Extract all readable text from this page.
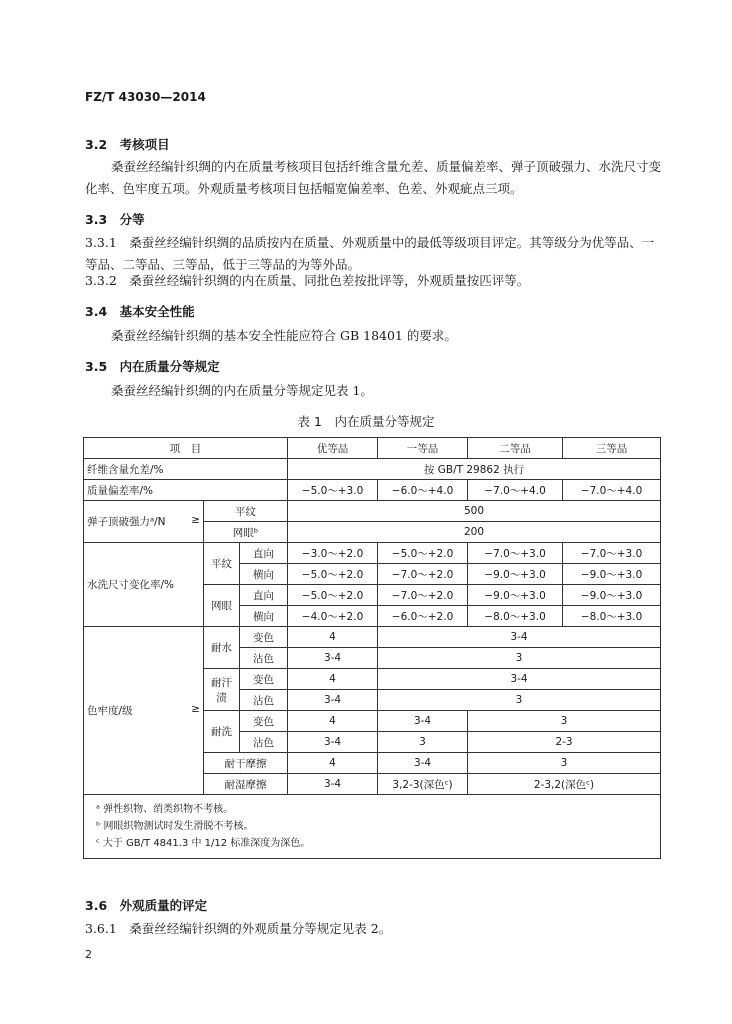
FZ/T 43030—2014
3.2　考核项目
桑蚕丝经编针织绸的内在质量考核项目包括纤维含量允差、质量偏差率、弹子顶破强力、水洗尺寸变化率、色牢度五项。外观质量考核项目包括幅宽偏差率、色差、外观疵点三项。
3.3　分等
3.3.1　桑蚕丝经编针织绸的品质按内在质量、外观质量中的最低等级项目评定。其等级分为优等品、一等品、二等品、三等品，低于三等品的为等外品。
3.3.2　桑蚕丝经编针织绸的内在质量、同批色差按批评等，外观质量按匹评等。
3.4　基本安全性能
桑蚕丝经编针织绸的基本安全性能应符合 GB 18401 的要求。
3.5　内在质量分等规定
桑蚕丝经编针织绸的内在质量分等规定见表 1。
表 1　内在质量分等规定
项　目			优等品	一等品	二等品	三等品
纤维含量允差/%			按 GB/T 29862 执行			
质量偏差率/%			−5.0～+3.0	−6.0～+4.0	−7.0～+4.0	−7.0～+4.0
弹子顶破强力ᵃ/N ≥	平纹		500			
	网眼ᵇ		200			
水洗尺寸变化率/%	平纹	直向	−3.0～+2.0	−5.0～+2.0	−7.0～+3.0	−7.0～+3.0
		横向	−5.0～+2.0	−7.0～+2.0	−9.0～+3.0	−9.0～+3.0
	网眼	直向	−5.0～+2.0	−7.0～+2.0	−9.0～+3.0	−9.0～+3.0
		横向	−4.0～+2.0	−6.0～+2.0	−8.0～+3.0	−8.0～+3.0
色牢度/级 ≥	耐水	变色	4	3-4		
		沾色	3-4	3		
	耐汗渍	变色	4	3-4		
		沾色	3-4	3		
	耐洗	变色	4	3-4	3	
		沾色	3-4	3	2-3	
	耐干摩擦		4	3-4	3	
	耐湿摩擦		3-4	3,2-3(深色ᶜ)	2-3,2(深色ᶜ)	

ᵃ 弹性织物、绡类织物不考核。
ᵇ 网眼织物测试时发生滑脱不考核。
ᶜ 大于 GB/T 4841.3 中 1/12 标准深度为深色。						
3.6　外观质量的评定
3.6.1　桑蚕丝经编针织绸的外观质量分等规定见表 2。
2
